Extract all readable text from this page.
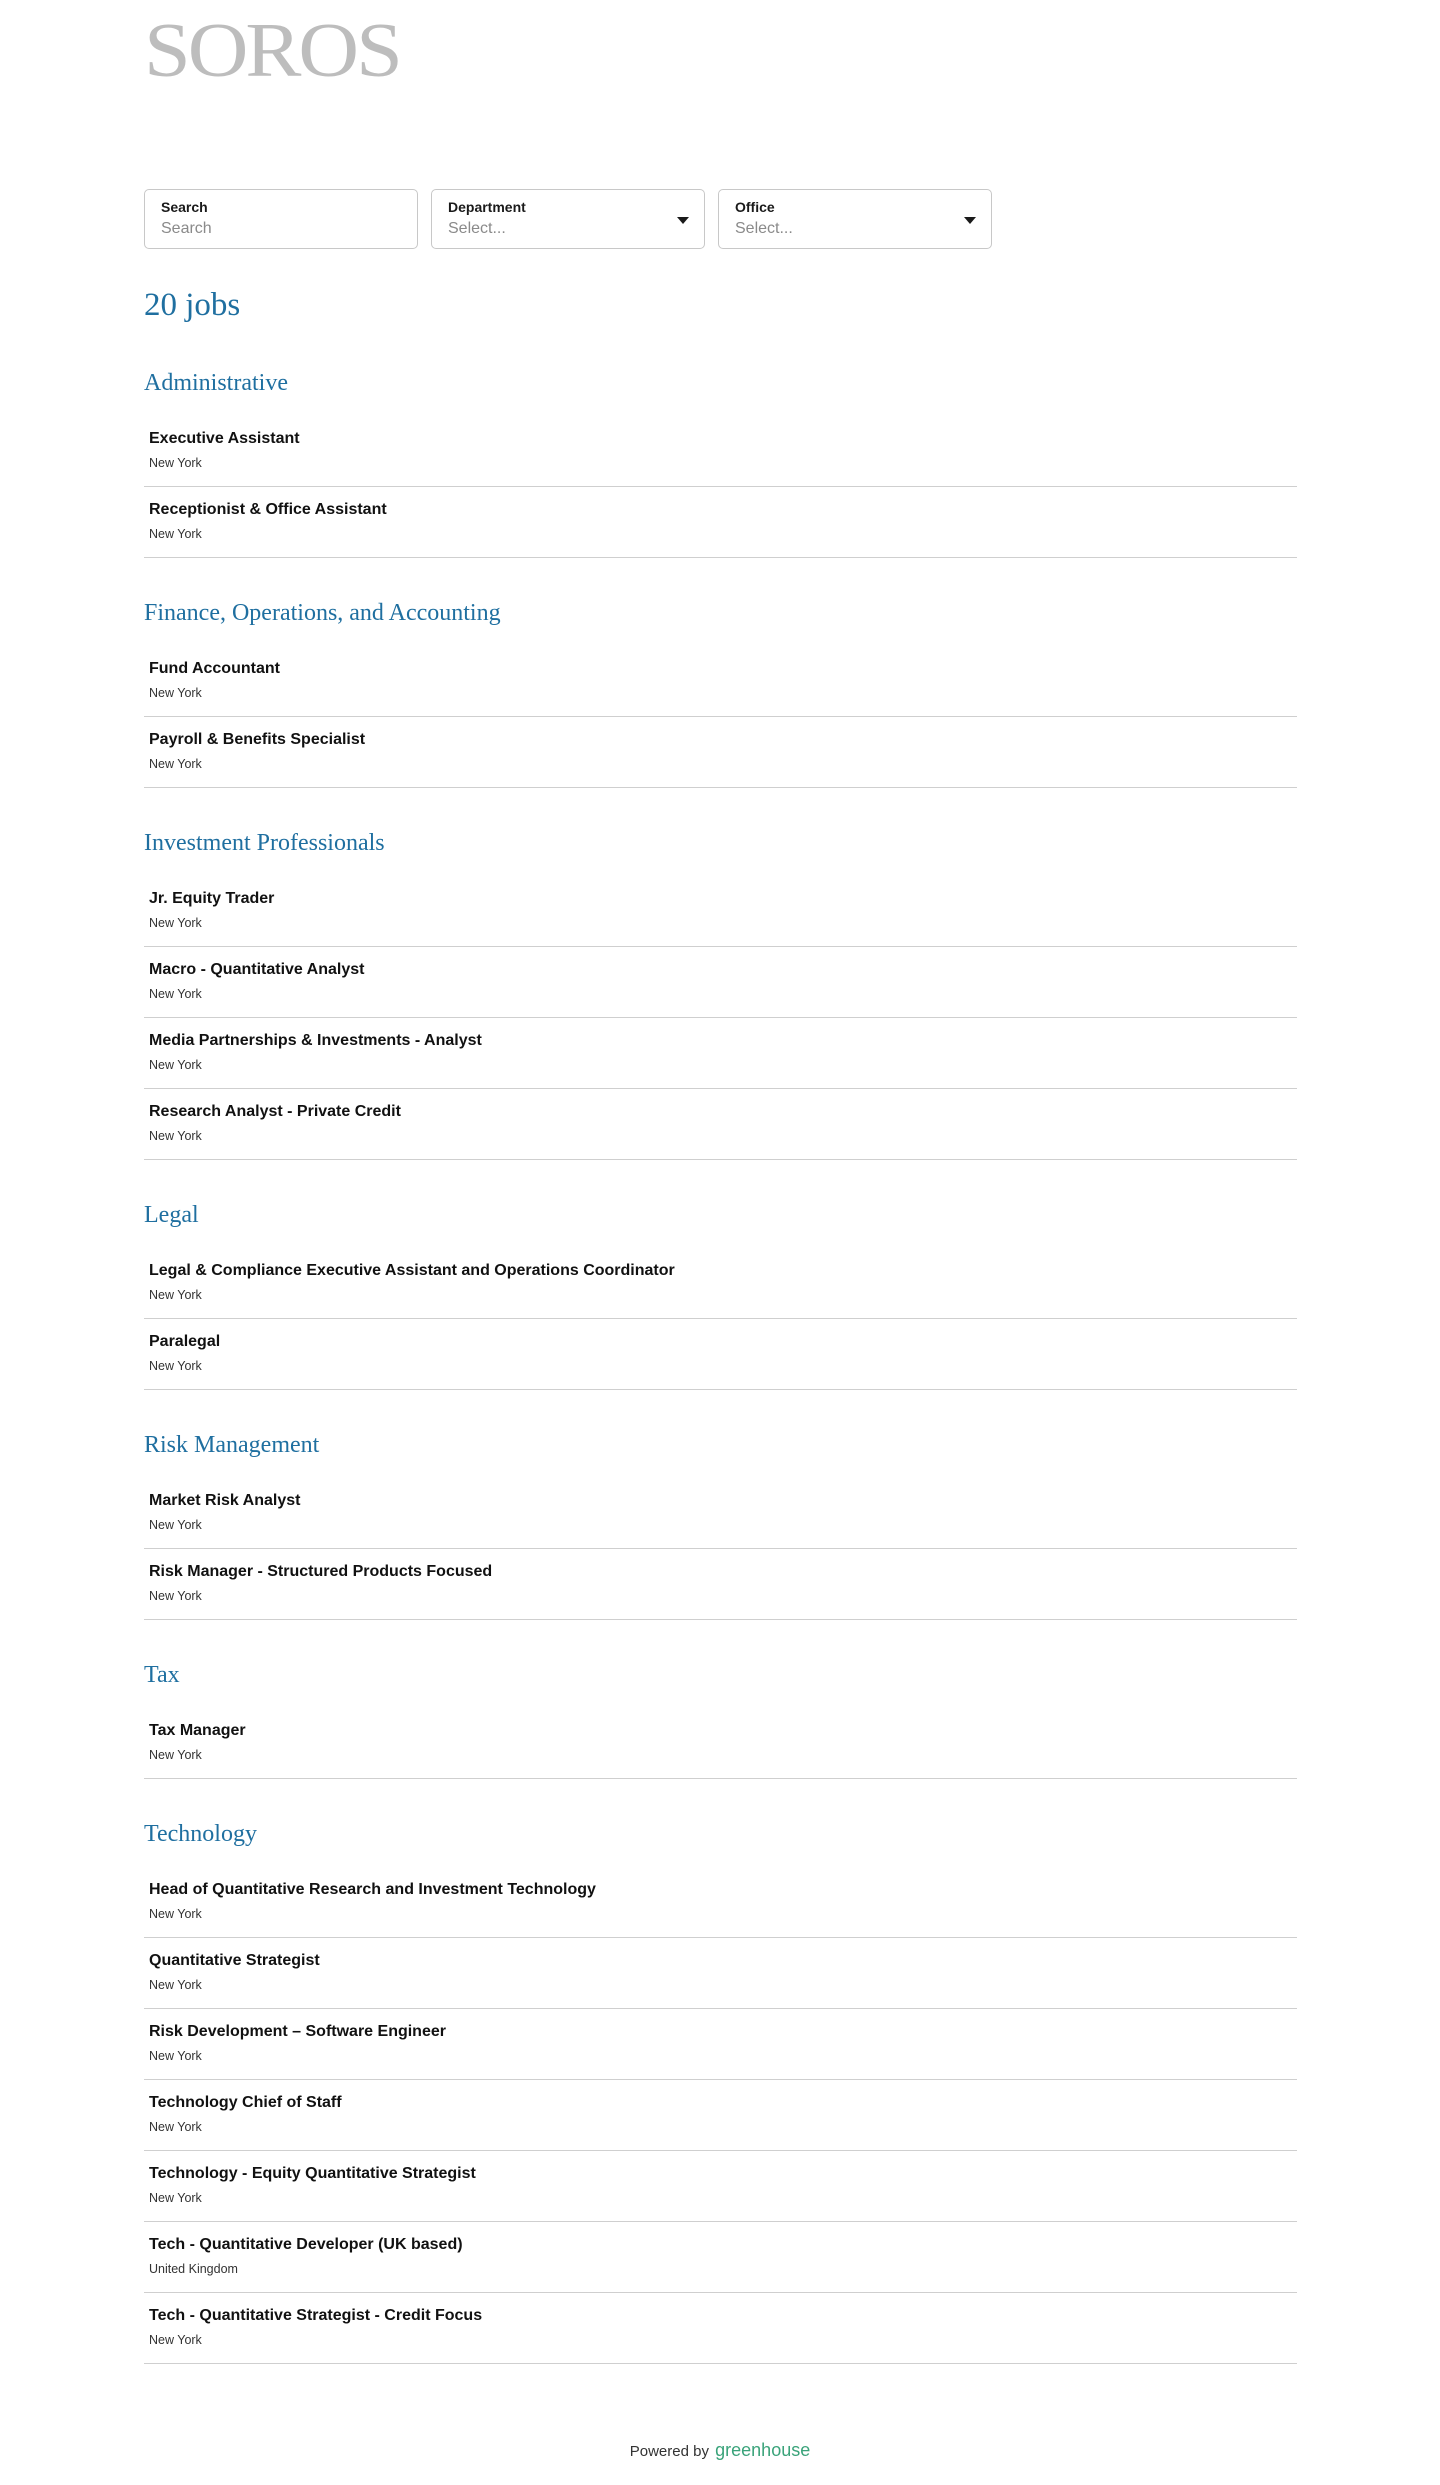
SOROS
Search
Search	Department
Select...
Office
Select...
20 jobs
Administrative
Executive Assistant
New York
Receptionist & Office Assistant
New York
Finance, Operations, and Accounting
Fund Accountant
New York
Payroll & Benefits Specialist
New York
Investment Professionals
Jr. Equity Trader
New York
Macro - Quantitative Analyst
New York
Media Partnerships & Investments - Analyst
New York
Research Analyst - Private Credit
New York
Legal
Legal & Compliance Executive Assistant and Operations Coordinator
New York
Paralegal
New York
Risk Management
Market Risk Analyst
New York
Risk Manager - Structured Products Focused
New York
Tax
Tax Manager
New York
Technology
Head of Quantitative Research and Investment Technology
New York
Quantitative Strategist
New York
Risk Development – Software Engineer
New York
Technology Chief of Staff
New York
Technology - Equity Quantitative Strategist
New York
Tech - Quantitative Developer (UK based)
United Kingdom
Tech - Quantitative Strategist - Credit Focus
New York
Powered by greenhouse
